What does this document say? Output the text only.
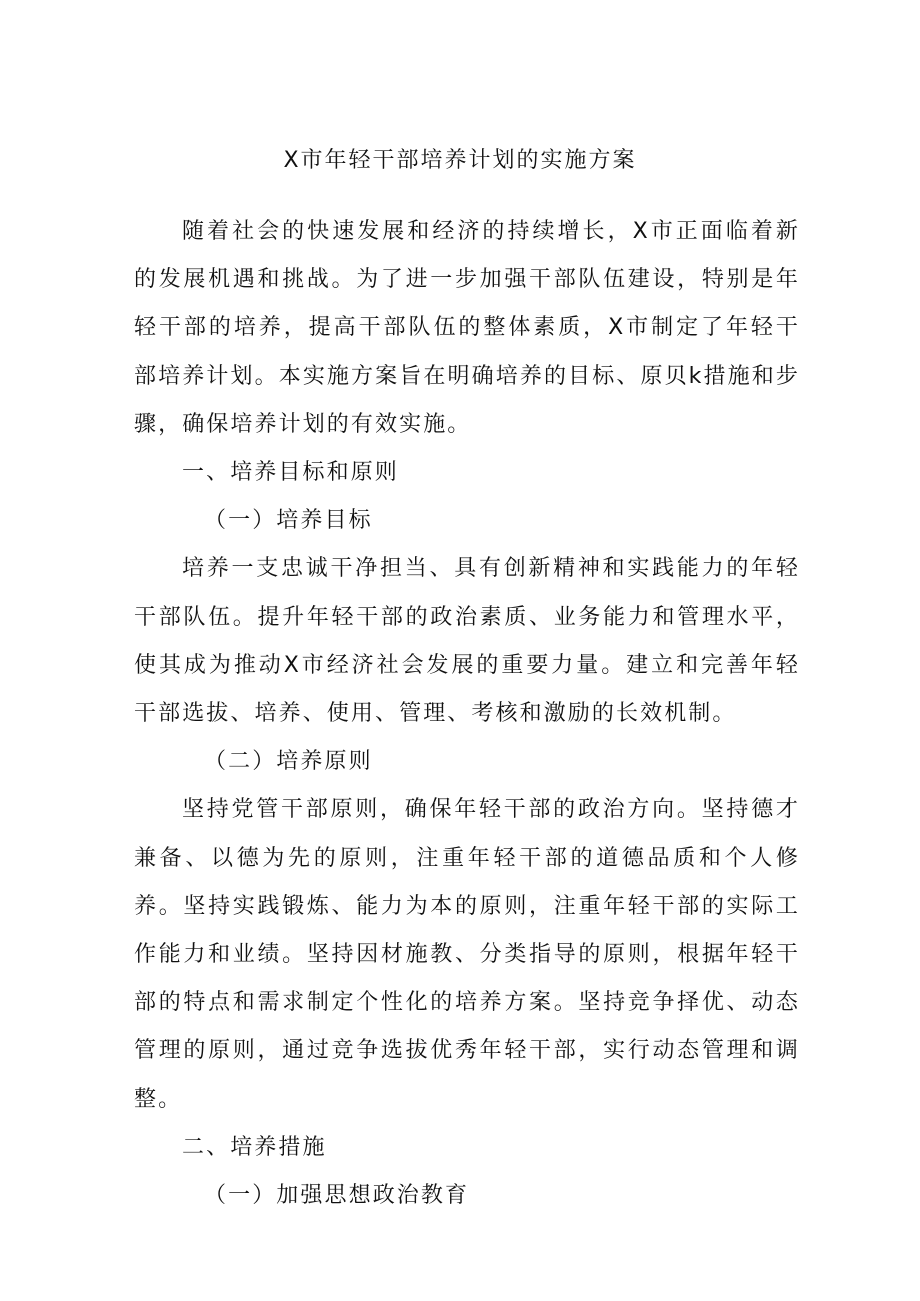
X市年轻干部培养计划的实施方案

随着社会的快速发展和经济的持续增长，X市正面临着新的发展机遇和挑战。为了进一步加强干部队伍建设，特别是年轻干部的培养，提高干部队伍的整体素质，X市制定了年轻干部培养计划。本实施方案旨在明确培养的目标、原贝k措施和步骤，确保培养计划的有效实施。

一、培养目标和原则

（一）培养目标

培养一支忠诚干净担当、具有创新精神和实践能力的年轻干部队伍。提升年轻干部的政治素质、业务能力和管理水平，使其成为推动X市经济社会发展的重要力量。建立和完善年轻干部选拔、培养、使用、管理、考核和激励的长效机制。

（二）培养原则

坚持党管干部原则，确保年轻干部的政治方向。坚持德才兼备、以德为先的原则，注重年轻干部的道德品质和个人修养。坚持实践锻炼、能力为本的原则，注重年轻干部的实际工作能力和业绩。坚持因材施教、分类指导的原则，根据年轻干部的特点和需求制定个性化的培养方案。坚持竞争择优、动态管理的原则，通过竞争选拔优秀年轻干部，实行动态管理和调整。

二、培养措施

（一）加强思想政治教育
